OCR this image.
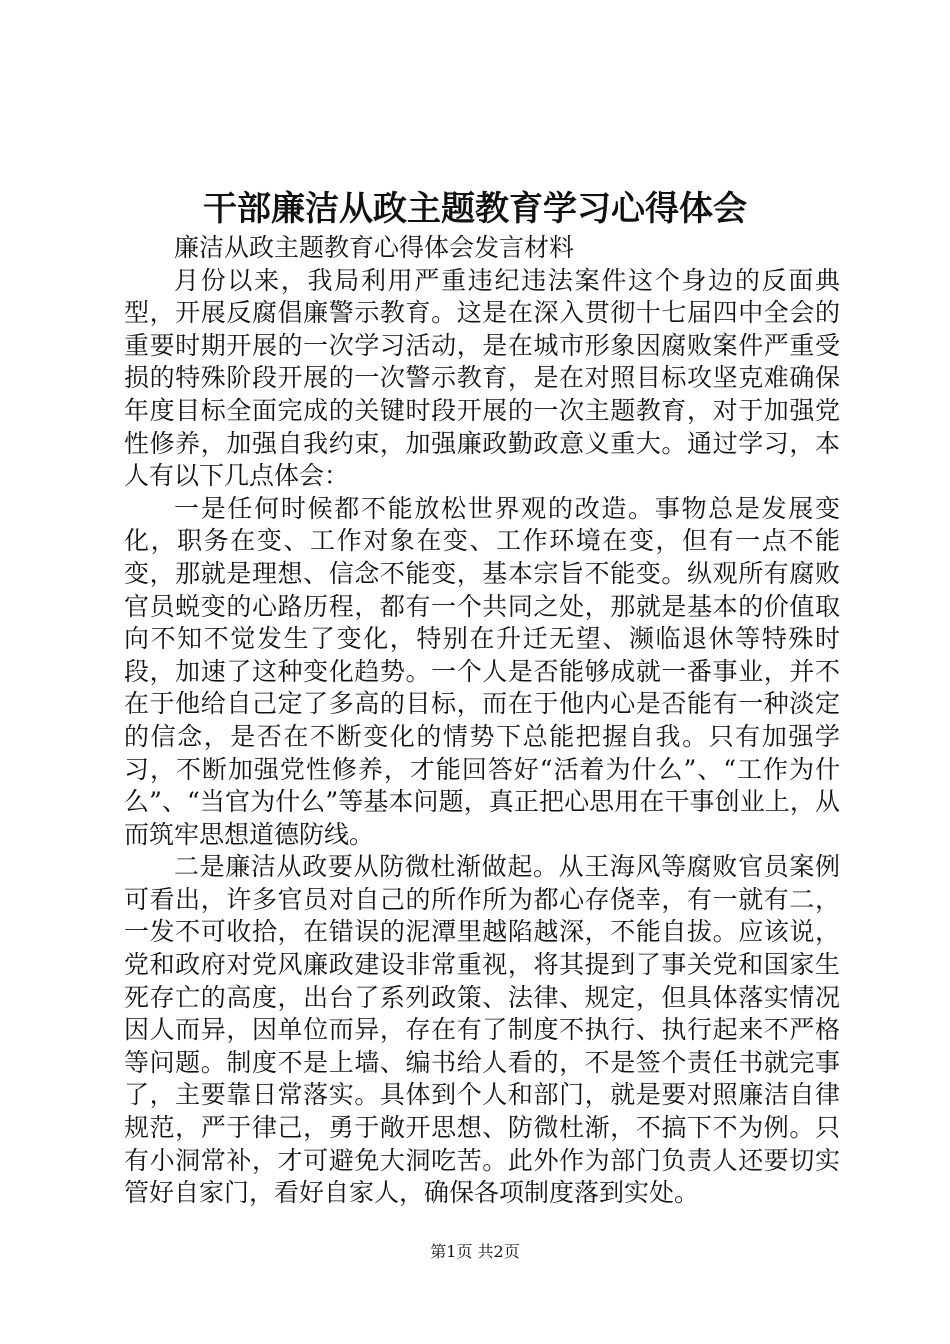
干部廉洁从政主题教育学习心得体会

廉洁从政主题教育心得体会发言材料

月份以来，我局利用严重违纪违法案件这个身边的反面典型，开展反腐倡廉警示教育。这是在深入贯彻十七届四中全会的重要时期开展的一次学习活动，是在城市形象因腐败案件严重受损的特殊阶段开展的一次警示教育，是在对照目标攻坚克难确保年度目标全面完成的关键时段开展的一次主题教育，对于加强党性修养，加强自我约束，加强廉政勤政意义重大。通过学习，本人有以下几点体会：

一是任何时候都不能放松世界观的改造。事物总是发展变化，职务在变、工作对象在变、工作环境在变，但有一点不能变，那就是理想、信念不能变，基本宗旨不能变。纵观所有腐败官员蜕变的心路历程，都有一个共同之处，那就是基本的价值取向不知不觉发生了变化，特别在升迁无望、濒临退休等特殊时段，加速了这种变化趋势。一个人是否能够成就一番事业，并不在于他给自己定了多高的目标，而在于他内心是否能有一种淡定的信念，是否在不断变化的情势下总能把握自我。只有加强学习，不断加强党性修养，才能回答好“活着为什么”、“工作为什么”、“当官为什么”等基本问题，真正把心思用在干事创业上，从而筑牢思想道德防线。

二是廉洁从政要从防微杜渐做起。从王海风等腐败官员案例可看出，许多官员对自己的所作所为都心存侥幸，有一就有二，一发不可收拾，在错误的泥潭里越陷越深，不能自拔。应该说，党和政府对党风廉政建设非常重视，将其提到了事关党和国家生死存亡的高度，出台了系列政策、法律、规定，但具体落实情况因人而异，因单位而异，存在有了制度不执行、执行起来不严格等问题。制度不是上墙、编书给人看的，不是签个责任书就完事了，主要靠日常落实。具体到个人和部门，就是要对照廉洁自律规范，严于律己，勇于敞开思想、防微杜渐，不搞下不为例。只有小洞常补，才可避免大洞吃苦。此外作为部门负责人还要切实管好自家门，看好自家人，确保各项制度落到实处。

第1页 共2页
